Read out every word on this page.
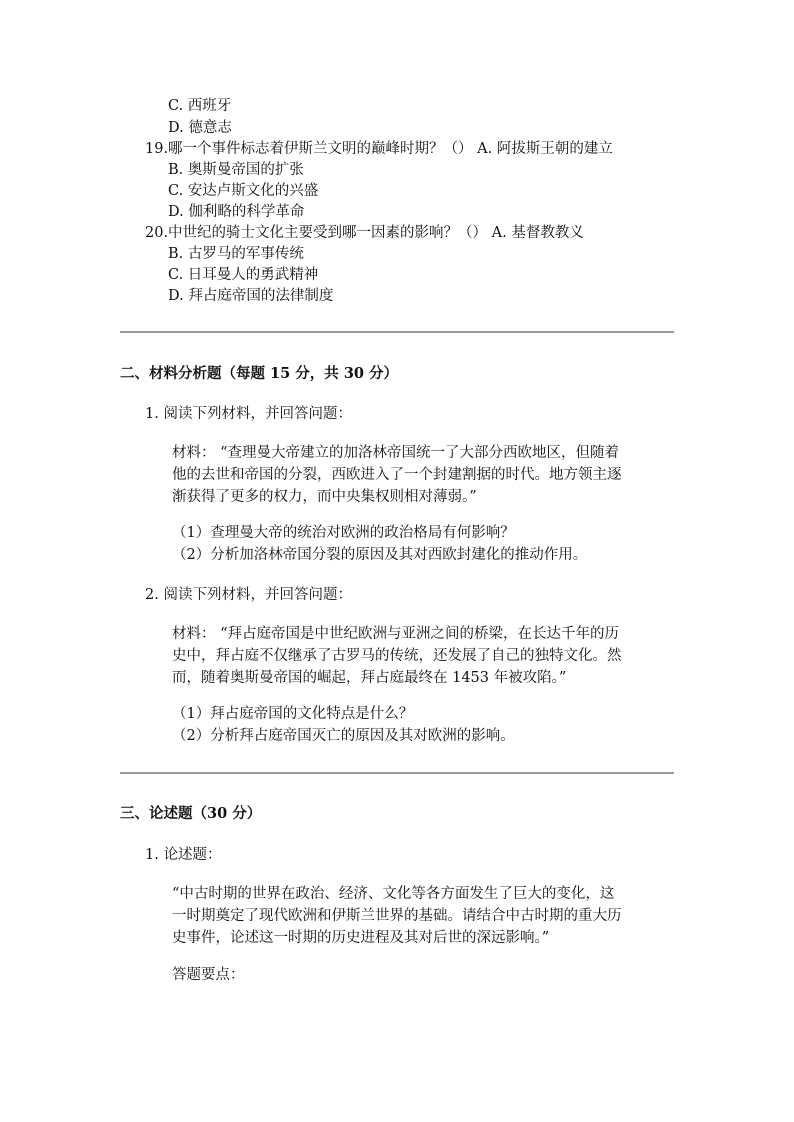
C. 西班牙
D. 德意志
19.哪一个事件标志着伊斯兰文明的巅峰时期？（） A. 阿拔斯王朝的建立
B. 奥斯曼帝国的扩张
C. 安达卢斯文化的兴盛
D. 伽利略的科学革命
20.中世纪的骑士文化主要受到哪一因素的影响？（） A. 基督教教义
B. 古罗马的军事传统
C. 日耳曼人的勇武精神
D. 拜占庭帝国的法律制度
二、材料分析题（每题 15 分，共 30 分）
1. 阅读下列材料，并回答问题：
材料： “查理曼大帝建立的加洛林帝国统一了大部分西欧地区，但随着
他的去世和帝国的分裂，西欧进入了一个封建割据的时代。地方领主逐
渐获得了更多的权力，而中央集权则相对薄弱。”
（1）查理曼大帝的统治对欧洲的政治格局有何影响？
（2）分析加洛林帝国分裂的原因及其对西欧封建化的推动作用。
2. 阅读下列材料，并回答问题：
材料： “拜占庭帝国是中世纪欧洲与亚洲之间的桥梁，在长达千年的历
史中，拜占庭不仅继承了古罗马的传统，还发展了自己的独特文化。然
而，随着奥斯曼帝国的崛起，拜占庭最终在 1453 年被攻陷。”
（1）拜占庭帝国的文化特点是什么？
（2）分析拜占庭帝国灭亡的原因及其对欧洲的影响。
三、论述题（30 分）
1. 论述题：
“中古时期的世界在政治、经济、文化等各方面发生了巨大的变化，这
一时期奠定了现代欧洲和伊斯兰世界的基础。请结合中古时期的重大历
史事件，论述这一时期的历史进程及其对后世的深远影响。”
答题要点：
